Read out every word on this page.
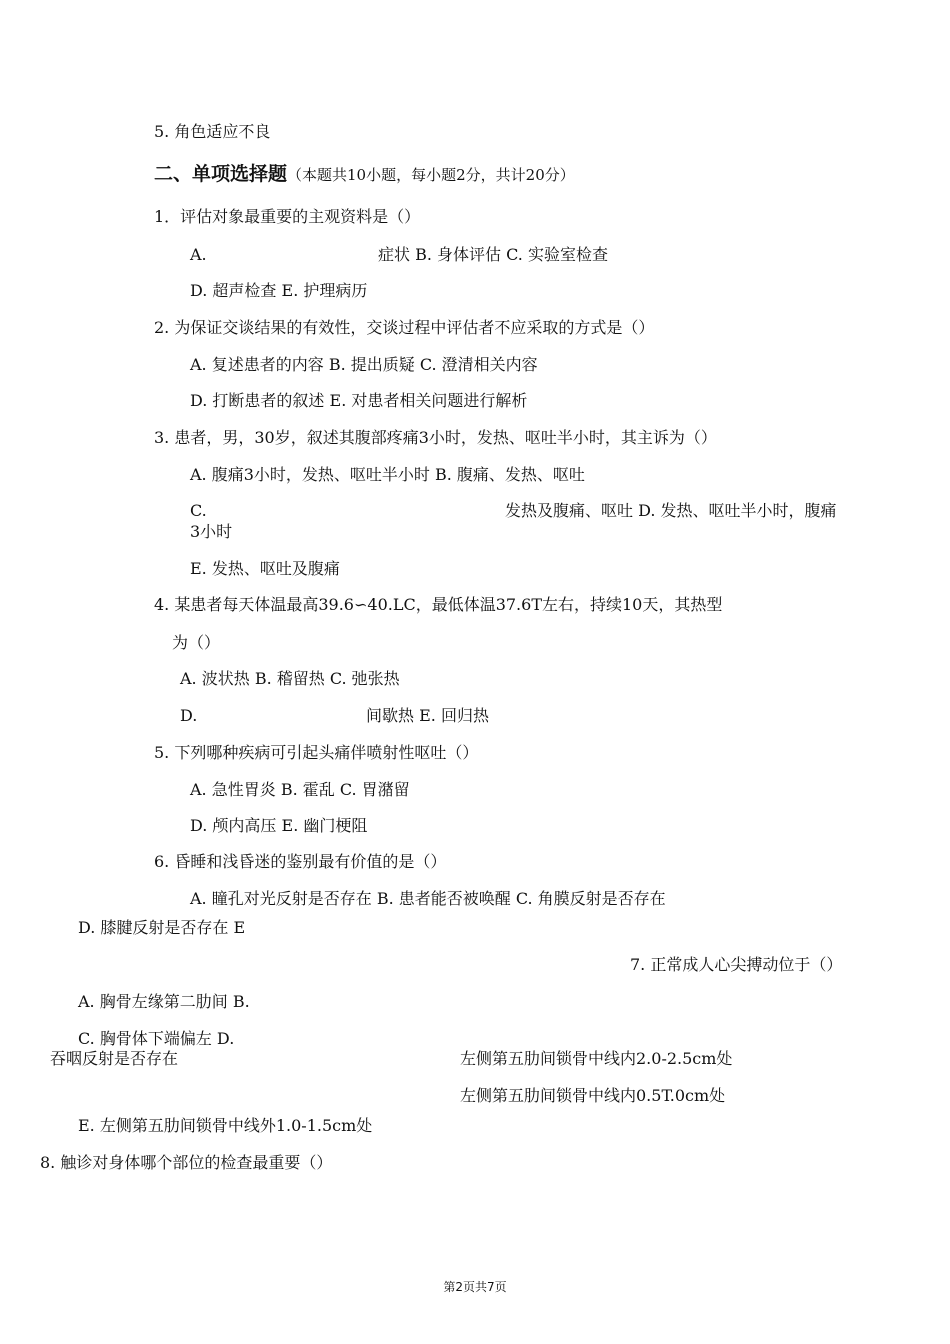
5. 角色适应不良
二、单项选择题（本题共10小题，每小题2分，共计20分）
1．评估对象最重要的主观资料是（）
A.	症状 B. 身体评估 C. 实验室检查
D. 超声检查 E. 护理病历
2. 为保证交谈结果的有效性，交谈过程中评估者不应采取的方式是（）
A. 复述患者的内容 B. 提出质疑 C. 澄清相关内容
D. 打断患者的叙述 E. 对患者相关问题进行解析
3. 患者，男，30岁，叙述其腹部疼痛3小时，发热、呕吐半小时，其主诉为（）
A. 腹痛3小时，发热、呕吐半小时 B. 腹痛、发热、呕吐
C.	发热及腹痛、呕吐 D. 发热、呕吐半小时，腹痛
3小时
E. 发热、呕吐及腹痛
4. 某患者每天体温最高39.6∽40.LC，最低体温37.6T左右，持续10天，其热型
为（）
A. 波状热 B. 稽留热 C. 弛张热
D.	间歇热 E. 回归热
5. 下列哪种疾病可引起头痛伴喷射性呕吐（）
A. 急性胃炎 B. 霍乱 C. 胃潴留
D. 颅内高压 E. 幽门梗阻
6. 昏睡和浅昏迷的鉴别最有价值的是（）
A. 瞳孔对光反射是否存在 B. 患者能否被唤醒 C. 角膜反射是否存在
D. 膝腱反射是否存在 E
7. 正常成人心尖搏动位于（）
A. 胸骨左缘第二肋间 B.
C. 胸骨体下端偏左 D.
吞咽反射是否存在	左侧第五肋间锁骨中线内2.0-2.5cm处
左侧第五肋间锁骨中线内0.5T.0cm处
E. 左侧第五肋间锁骨中线外1.0-1.5cm处
8. 触诊对身体哪个部位的检查最重要（）
第2页共7页
